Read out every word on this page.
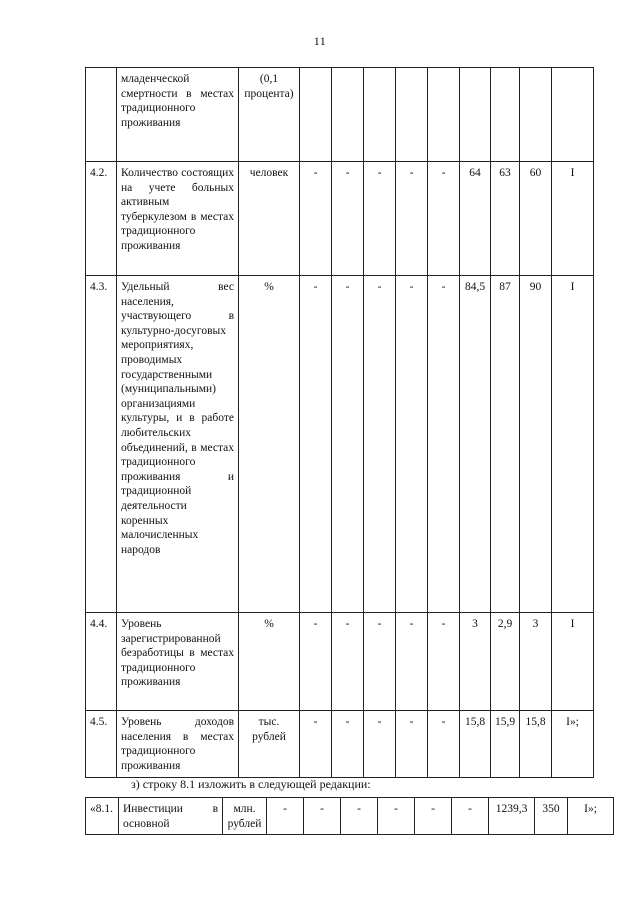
11
	младенческой смертности в местах традиционного проживания	(0,1 процента)									
4.2.	Количество состоящих на учете больных активным туберкулезом в местах традиционного проживания	человек	-	-	-	-	-	64	63	60	I
4.3.	Удельный вес населения, участвующего в культурно-досуговых мероприятиях, проводимых государственными (муниципальными) организациями культуры, и в работе любительских объединений, в местах традиционного проживания и традиционной деятельности коренных малочисленных народов	%	-	-	-	-	-	84,5	87	90	I
4.4.	Уровень зарегистрированной безработицы в местах традиционного проживания	%	-	-	-	-	-	3	2,9	3	I
4.5.	Уровень доходов населения в местах традиционного проживания	тыс. рублей	-	-	-	-	-	15,8	15,9	15,8	I»;
з) строку 8.1 изложить в следующей редакции:
«8.1.	Инвестиции в основной	млн. рублей	-	-	-	-	-	-	1239,3	350	I»;
